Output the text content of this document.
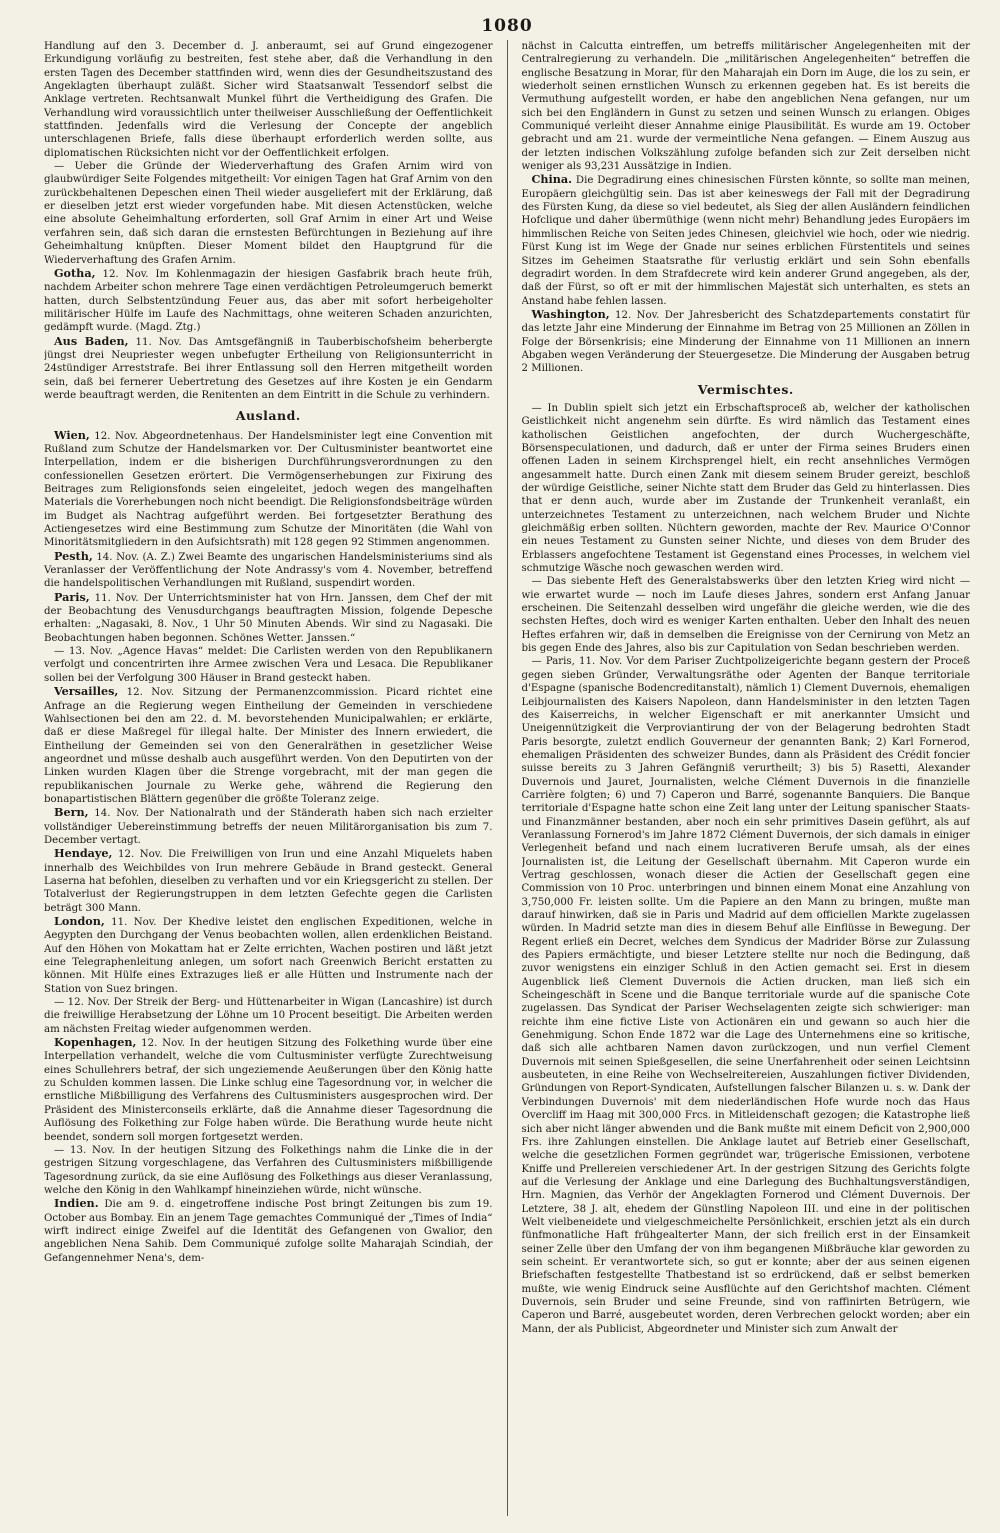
1080

Handlung auf den 3. December d. J. anberaumt, sei auf Grund eingezogener Erkundigung vorläufig zu bestreiten, fest stehe aber, daß die Verhandlung in den ersten Tagen des December stattfinden wird, wenn dies der Gesundheitszustand des Angeklagten überhaupt zuläßt. Sicher wird Staatsanwalt Tessendorf selbst die Anklage vertreten. Rechtsanwalt Munkel führt die Vertheidigung des Grafen. Die Verhandlung wird voraussichtlich unter theilweiser Ausschließung der Oeffentlichkeit stattfinden. Jedenfalls wird die Verlesung der Concepte der angeblich unterschlagenen Briefe, falls diese überhaupt erforderlich werden sollte, aus diplomatischen Rücksichten nicht vor der Oeffentlichkeit erfolgen.

— Ueber die Gründe der Wiederverhaftung des Grafen Arnim wird von glaubwürdiger Seite Folgendes mitgetheilt: Vor einigen Tagen hat Graf Arnim von den zurückbehaltenen Depeschen einen Theil wieder ausgeliefert mit der Erklärung, daß er dieselben jetzt erst wieder vorgefunden habe. Mit diesen Actenstücken, welche eine absolute Geheimhaltung erforderten, soll Graf Arnim in einer Art und Weise verfahren sein, daß sich daran die ernstesten Befürchtungen in Beziehung auf ihre Geheimhaltung knüpften. Dieser Moment bildet den Hauptgrund für die Wiederverhaftung des Grafen Arnim.

Gotha, 12. Nov. Im Kohlenmagazin der hiesigen Gasfabrik brach heute früh, nachdem Arbeiter schon mehrere Tage einen verdächtigen Petroleumgeruch bemerkt hatten, durch Selbstentzündung Feuer aus, das aber mit sofort herbeigeholter militärischer Hülfe im Laufe des Nachmittags, ohne weiteren Schaden anzurichten, gedämpft wurde. (Magd. Ztg.)

Aus Baden, 11. Nov. Das Amtsgefängniß in Tauberbischofsheim beherbergte jüngst drei Neupriester wegen unbefugter Ertheilung von Religionsunterricht in 24stündiger Arreststrafe. Bei ihrer Entlassung soll den Herren mitgetheilt worden sein, daß bei fernerer Uebertretung des Gesetzes auf ihre Kosten je ein Gendarm werde beauftragt werden, die Renitenten an dem Eintritt in die Schule zu verhindern.

Ausland.

Wien, 12. Nov. Abgeordnetenhaus. Der Handelsminister legt eine Convention mit Rußland zum Schutze der Handelsmarken vor. Der Cultusminister beantwortet eine Interpellation, indem er die bisherigen Durchführungsverordnungen zu den confessionellen Gesetzen erörtert. Die Vermögenserhebungen zur Fixirung des Beitrages zum Religionsfonds seien eingeleitet, jedoch wegen des mangelhaften Materials die Vorerhebungen noch nicht beendigt. Die Religionsfondsbeiträge würden im Budget als Nachtrag aufgeführt werden. Bei fortgesetzter Berathung des Actiengesetzes wird eine Bestimmung zum Schutze der Minoritäten (die Wahl von Minoritätsmitgliedern in den Aufsichtsrath) mit 128 gegen 92 Stimmen angenommen.

Pesth, 14. Nov. (A. Z.) Zwei Beamte des ungarischen Handelsministeriums sind als Veranlasser der Veröffentlichung der Note Andrassy's vom 4. November, betreffend die handelspolitischen Verhandlungen mit Rußland, suspendirt worden.

Paris, 11. Nov. Der Unterrichtsminister hat von Hrn. Janssen, dem Chef der mit der Beobachtung des Venusdurchgangs beauftragten Mission, folgende Depesche erhalten: „Nagasaki, 8. Nov., 1 Uhr 50 Minuten Abends. Wir sind zu Nagasaki. Die Beobachtungen haben begonnen. Schönes Wetter. Janssen.“

— 13. Nov. „Agence Havas“ meldet: Die Carlisten werden von den Republikanern verfolgt und concentrirten ihre Armee zwischen Vera und Lesaca. Die Republikaner sollen bei der Verfolgung 300 Häuser in Brand gesteckt haben.

Versailles, 12. Nov. Sitzung der Permanenzcommission. Picard richtet eine Anfrage an die Regierung wegen Eintheilung der Gemeinden in verschiedene Wahlsectionen bei den am 22. d. M. bevorstehenden Municipalwahlen; er erklärte, daß er diese Maßregel für illegal halte. Der Minister des Innern erwiedert, die Eintheilung der Gemeinden sei von den Generalräthen in gesetzlicher Weise angeordnet und müsse deshalb auch ausgeführt werden. Von den Deputirten von der Linken wurden Klagen über die Strenge vorgebracht, mit der man gegen die republikanischen Journale zu Werke gehe, während die Regierung den bonapartistischen Blättern gegenüber die größte Toleranz zeige.

Bern, 14. Nov. Der Nationalrath und der Ständerath haben sich nach erzielter vollständiger Uebereinstimmung betreffs der neuen Militärorganisation bis zum 7. December vertagt.

Hendaye, 12. Nov. Die Freiwilligen von Irun und eine Anzahl Miquelets haben innerhalb des Weichbildes von Irun mehrere Gebäude in Brand gesteckt. General Laserna hat befohlen, dieselben zu verhaften und vor ein Kriegsgericht zu stellen. Der Totalverlust der Regierungstruppen in dem letzten Gefechte gegen die Carlisten beträgt 300 Mann.

London, 11. Nov. Der Khedive leistet den englischen Expeditionen, welche in Aegypten den Durchgang der Venus beobachten wollen, allen erdenklichen Beistand. Auf den Höhen von Mokattam hat er Zelte errichten, Wachen postiren und läßt jetzt eine Telegraphenleitung anlegen, um sofort nach Greenwich Bericht erstatten zu können. Mit Hülfe eines Extrazuges ließ er alle Hütten und Instrumente nach der Station von Suez bringen.

— 12. Nov. Der Streik der Berg- und Hüttenarbeiter in Wigan (Lancashire) ist durch die freiwillige Herabsetzung der Löhne um 10 Procent beseitigt. Die Arbeiten werden am nächsten Freitag wieder aufgenommen werden.

Kopenhagen, 12. Nov. In der heutigen Sitzung des Folkething wurde über eine Interpellation verhandelt, welche die vom Cultusminister verfügte Zurechtweisung eines Schullehrers betraf, der sich ungeziemende Aeußerungen über den König hatte zu Schulden kommen lassen. Die Linke schlug eine Tagesordnung vor, in welcher die ernstliche Mißbilligung des Verfahrens des Cultusministers ausgesprochen wird. Der Präsident des Ministerconseils erklärte, daß die Annahme dieser Tagesordnung die Auflösung des Folkething zur Folge haben würde. Die Berathung wurde heute nicht beendet, sondern soll morgen fortgesetzt werden.

— 13. Nov. In der heutigen Sitzung des Folkethings nahm die Linke die in der gestrigen Sitzung vorgeschlagene, das Verfahren des Cultusministers mißbilligende Tagesordnung zurück, da sie eine Auflösung des Folkethings aus dieser Veranlassung, welche den König in den Wahlkampf hineinziehen würde, nicht wünsche.

Indien. Die am 9. d. eingetroffene indische Post bringt Zeitungen bis zum 19. October aus Bombay. Ein an jenem Tage gemachtes Communiqué der „Times of India“ wirft indirect einige Zweifel auf die Identität des Gefangenen von Gwalior, den angeblichen Nena Sahib. Dem Communiqué zufolge sollte Maharajah Scindiah, der Gefangennehmer Nena's, dem-

nächst in Calcutta eintreffen, um betreffs militärischer Angelegenheiten mit der Centralregierung zu verhandeln. Die „militärischen Angelegenheiten“ betreffen die englische Besatzung in Morar, für den Maharajah ein Dorn im Auge, die los zu sein, er wiederholt seinen ernstlichen Wunsch zu erkennen gegeben hat. Es ist bereits die Vermuthung aufgestellt worden, er habe den angeblichen Nena gefangen, nur um sich bei den Engländern in Gunst zu setzen und seinen Wunsch zu erlangen. Obiges Communiqué verleiht dieser Annahme einige Plausibilität. Es wurde am 19. October gebracht und am 21. wurde der vermeintliche Nena gefangen. — Einem Auszug aus der letzten indischen Volkszählung zufolge befanden sich zur Zeit derselben nicht weniger als 93,231 Aussätzige in Indien.

China. Die Degradirung eines chinesischen Fürsten könnte, so sollte man meinen, Europäern gleichgültig sein. Das ist aber keineswegs der Fall mit der Degradirung des Fürsten Kung, da diese so viel bedeutet, als Sieg der allen Ausländern feindlichen Hofclique und daher übermüthige (wenn nicht mehr) Behandlung jedes Europäers im himmlischen Reiche von Seiten jedes Chinesen, gleichviel wie hoch, oder wie niedrig. Fürst Kung ist im Wege der Gnade nur seines erblichen Fürstentitels und seines Sitzes im Geheimen Staatsrathe für verlustig erklärt und sein Sohn ebenfalls degradirt worden. In dem Strafdecrete wird kein anderer Grund angegeben, als der, daß der Fürst, so oft er mit der himmlischen Majestät sich unterhalten, es stets an Anstand habe fehlen lassen.

Washington, 12. Nov. Der Jahresbericht des Schatzdepartements constatirt für das letzte Jahr eine Minderung der Einnahme im Betrag von 25 Millionen an Zöllen in Folge der Börsenkrisis; eine Minderung der Einnahme von 11 Millionen an innern Abgaben wegen Veränderung der Steuergesetze. Die Minderung der Ausgaben betrug 2 Millionen.

Vermischtes.

— In Dublin spielt sich jetzt ein Erbschaftsproceß ab, welcher der katholischen Geistlichkeit nicht angenehm sein dürfte. Es wird nämlich das Testament eines katholischen Geistlichen angefochten, der durch Wuchergeschäfte, Börsenspeculationen, und dadurch, daß er unter der Firma seines Bruders einen offenen Laden in seinem Kirchsprengel hielt, ein recht ansehnliches Vermögen angesammelt hatte. Durch einen Zank mit diesem seinem Bruder gereizt, beschloß der würdige Geistliche, seiner Nichte statt dem Bruder das Geld zu hinterlassen. Dies that er denn auch, wurde aber im Zustande der Trunkenheit veranlaßt, ein unterzeichnetes Testament zu unterzeichnen, nach welchem Bruder und Nichte gleichmäßig erben sollten. Nüchtern geworden, machte der Rev. Maurice O'Connor ein neues Testament zu Gunsten seiner Nichte, und dieses von dem Bruder des Erblassers angefochtene Testament ist Gegenstand eines Processes, in welchem viel schmutzige Wäsche noch gewaschen werden wird.

— Das siebente Heft des Generalstabswerks über den letzten Krieg wird nicht — wie erwartet wurde — noch im Laufe dieses Jahres, sondern erst Anfang Januar erscheinen. Die Seitenzahl desselben wird ungefähr die gleiche werden, wie die des sechsten Heftes, doch wird es weniger Karten enthalten. Ueber den Inhalt des neuen Heftes erfahren wir, daß in demselben die Ereignisse von der Cernirung von Metz an bis gegen Ende des Jahres, also bis zur Capitulation von Sedan beschrieben werden.

— Paris, 11. Nov. Vor dem Pariser Zuchtpolizeigerichte begann gestern der Proceß gegen sieben Gründer, Verwaltungsräthe oder Agenten der Banque territoriale d'Espagne (spanische Bodencreditanstalt), nämlich 1) Clement Duvernois, ehemaligen Leibjournalisten des Kaisers Napoleon, dann Handelsminister in den letzten Tagen des Kaiserreichs, in welcher Eigenschaft er mit anerkannter Umsicht und Uneigennützigkeit die Verproviantirung der von der Belagerung bedrohten Stadt Paris besorgte, zuletzt endlich Gouverneur der genannten Bank; 2) Karl Fornerod, ehemaligen Präsidenten des schweizer Bundes, dann als Präsident des Crédit foncier suisse bereits zu 3 Jahren Gefängniß verurtheilt; 3) bis 5) Rasetti, Alexander Duvernois und Jauret, Journalisten, welche Clément Duvernois in die finanzielle Carrière folgten; 6) und 7) Caperon und Barré, sogenannte Banquiers. Die Banque territoriale d'Espagne hatte schon eine Zeit lang unter der Leitung spanischer Staats- und Finanzmänner bestanden, aber noch ein sehr primitives Dasein geführt, als auf Veranlassung Fornerod's im Jahre 1872 Clément Duvernois, der sich damals in einiger Verlegenheit befand und nach einem lucrativeren Berufe umsah, als der eines Journalisten ist, die Leitung der Gesellschaft übernahm. Mit Caperon wurde ein Vertrag geschlossen, wonach dieser die Actien der Gesellschaft gegen eine Commission von 10 Proc. unterbringen und binnen einem Monat eine Anzahlung von 3,750,000 Fr. leisten sollte. Um die Papiere an den Mann zu bringen, mußte man darauf hinwirken, daß sie in Paris und Madrid auf dem officiellen Markte zugelassen würden. In Madrid setzte man dies in diesem Behuf alle Einflüsse in Bewegung. Der Regent erließ ein Decret, welches dem Syndicus der Madrider Börse zur Zulassung des Papiers ermächtigte, und bieser Letztere stellte nur noch die Bedingung, daß zuvor wenigstens ein einziger Schluß in den Actien gemacht sei. Erst in diesem Augenblick ließ Clement Duvernois die Actien drucken, man ließ sich ein Scheingeschäft in Scene und die Banque territoriale wurde auf die spanische Cote zugelassen. Das Syndicat der Pariser Wechselagenten zeigte sich schwieriger: man reichte ihm eine fictive Liste von Actionären ein und gewann so auch hier die Genehmigung. Schon Ende 1872 war die Lage des Unternehmens eine so kritische, daß sich alle achtbaren Namen davon zurückzogen, und nun verfiel Clement Duvernois mit seinen Spießgesellen, die seine Unerfahrenheit oder seinen Leichtsinn ausbeuteten, in eine Reihe von Wechselreitereien, Auszahlungen fictiver Dividenden, Gründungen von Report-Syndicaten, Aufstellungen falscher Bilanzen u. s. w. Dank der Verbindungen Duvernois' mit dem niederländischen Hofe wurde noch das Haus Overcliff im Haag mit 300,000 Frcs. in Mitleidenschaft gezogen; die Katastrophe ließ sich aber nicht länger abwenden und die Bank mußte mit einem Deficit von 2,900,000 Frs. ihre Zahlungen einstellen. Die Anklage lautet auf Betrieb einer Gesellschaft, welche die gesetzlichen Formen gegründet war, trügerische Emissionen, verbotene Kniffe und Prellereien verschiedener Art. In der gestrigen Sitzung des Gerichts folgte auf die Verlesung der Anklage und eine Darlegung des Buchhaltungsverständigen, Hrn. Magnien, das Verhör der Angeklagten Fornerod und Clément Duvernois. Der Letztere, 38 J. alt, ehedem der Günstling Napoleon III. und eine in der politischen Welt vielbeneidete und vielgeschmeichelte Persönlichkeit, erschien jetzt als ein durch fünfmonatliche Haft frühgealterter Mann, der sich freilich erst in der Einsamkeit seiner Zelle über den Umfang der von ihm begangenen Mißbräuche klar geworden zu sein scheint. Er verantwortete sich, so gut er konnte; aber der aus seinen eigenen Briefschaften festgestellte Thatbestand ist so erdrückend, daß er selbst bemerken mußte, wie wenig Eindruck seine Ausflüchte auf den Gerichtshof machten. Clément Duvernois, sein Bruder und seine Freunde, sind von raffinirten Betrügern, wie Caperon und Barré, ausgebeutet worden, deren Verbrechen gelockt worden; aber ein Mann, der als Publicist, Abgeordneter und Minister sich zum Anwalt der
